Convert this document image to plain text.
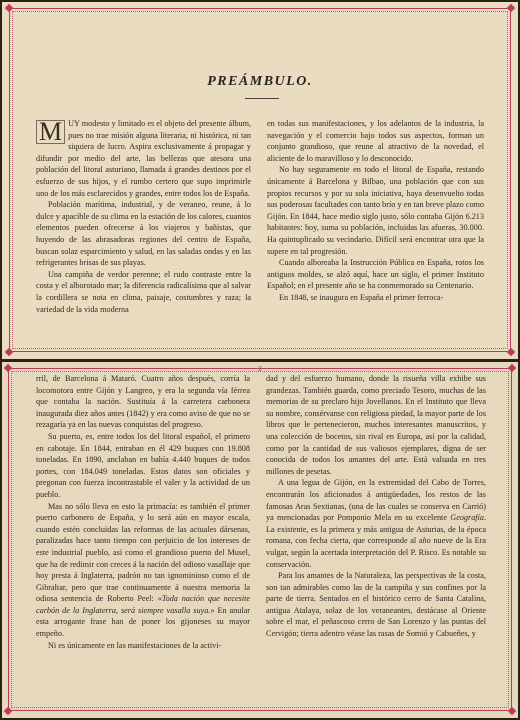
PREÁMBULO.

M UY modesto y limitado es el objeto del presente álbum, pues no trae misión alguna literaria, ni histórica, ni tan siquiera de lucro. Aspira exclusivamente á propagar y difundir por medio del arte, las bellezas que atesora una población del litoral asturiano, llamada á grandes destinos por el esfuerzo de sus hijos, y el rumbo certero que supo imprimirle uno de los más esclarecidos y grandes, entre todos los de España.

Población marítima, industrial, y de veraneo, reune, á lo dulce y apacible de su clima en la estación de los calores, cuantos elementos pueden ofrecerse á los viajeros y bañistas, que huyendo de las abrasadoras regiones del centro de España, buscan solaz esparcimiento y salud, en las saladas ondas y en las refrigerantes brisas de sus playas.

Una campiña de verdor perenne; el rudo contraste entre la costa y el alborotado mar; la diferencia radicalísima que al salvar la cordillera se nota en clima, paisaje, costumbres y raza; la variedad de la vida moderna

en todas sus manifestaciones, y los adelantos de la industria, la navegación y el comercio bajo todos sus aspectos, forman un conjunto grandioso, que reune al atractivo de la novedad, el aliciente de lo maravilloso y lo desconocido.

No hay seguramente en todo el litoral de España, restando únicamente á Barcelona y Bilbao, una población que con sus propios recursos y por su sola iniciativa, haya desenvuelto todas sus poderosas facultades con tanto brío y en tan breve plazo como Gijón. En 1844, hace medio siglo justo, sólo contaba Gijón 6.213 habitantes: hoy, suma su población, incluidas las afueras, 30.000. Ha quintuplicado su vecindario. Difícil será encontrar otra que la supere en tal progresión.

Cuando alboreaba la Instrucción Pública en España, rotos los antiguos moldes, se alzó aquí, hace un siglo, el primer Instituto Español; en el presente año se ha conmemorado su Centenario.

En 1848, se inaugura en España el primer ferroca-

2

rril, de Barcelona á Mataró. Cuatro años después, corría la locomotora entre Gijón y Langreo, y era la segunda vía férrea que contaba la nación. Sustituía á la carretera carbonera inaugurada diez años antes (1842) y era como aviso de que no se rezagaría ya en las nuevas conquistas del progreso.

Su puerto, es, entre todos los del litoral español, el primero en cabotaje. En 1844, entraban en él 429 buques con 19.808 toneladas. En 1890, anclaban en bahía 4.440 buques de todos portes, con 184.049 toneladas. Estos datos son oficiales y pregonan con fuerza incontrastable el valer y la actividad de un pueblo.

Mas no sólo lleva en esto la primacía: es también el primer puerto carbonero de España, y lo será aún en mayor escala, cuando estén concluidas las reformas de las actuales dársenas, paralizadas hace tanto tiempo con perjuicio de los intereses de este industrial pueblo, así como el grandioso puerto del Musel, que ha de redimir con creces á la nación del odioso vasallaje que hoy presta á Inglaterra, padrón no tan ignominioso como el de Gibraltar, pero que trae continuamente á nuestra memoria la odiosa sentencia de Roberto Peel: «Toda nación que necesite carbón de la Inglaterra, será siempre vasalla suya.» En anular esta arrogante frase han de poner los gijoneses su mayor empeño.

Ni es únicamente en las manifestaciones de la activi-

dad y del esfuerzo humano, donde la risueña villa exhibe sus grandezas. También guarda, como preciado Tesoro, muchas de las memorias de su preclaro hijo Jovellanos. En el Instituto que lleva su nombre, consérvanse con religiosa piedad, la mayor parte de los libros que le pertenecieron, muchos interesantes manuscritos, y una colección de bocetos, sin rival en Europa, así por la calidad, como por la cantidad de sus valiosos ejemplares, digna de ser conocida de todos los amantes del arte. Está valuada en tres millones de pesetas.

A una legua de Gijón, en la extremidad del Cabo de Torres, encontrarán los aficionados á antigüedades, los restos de las famosas Aras Sextianas, (una de las cuales se conserva en Carrió) ya mencionadas por Pomponio Mela en su excelente Geografía. La existente, es la primera y más antigua de Asturias, de la época romana, con fecha cierta, que corresponde al año nueve de la Era vulgar, según la acertada interpretación del P. Risco. Es notable su conservación.

Para los amantes de la Naturaleza, las perspectivas de la costa, son tan admirables como las de la campiña y sus confines por la parte de tierra. Sentados en el histórico cerro de Santa Catalina, antigua Atalaya, solaz de los veraneantes, destácase al Oriente sobre el mar, el peñascoso cerro de San Lorenzo y las puntas del Cervigón; tierra adentro véase las rasas de Somió y Cabueñes, y
